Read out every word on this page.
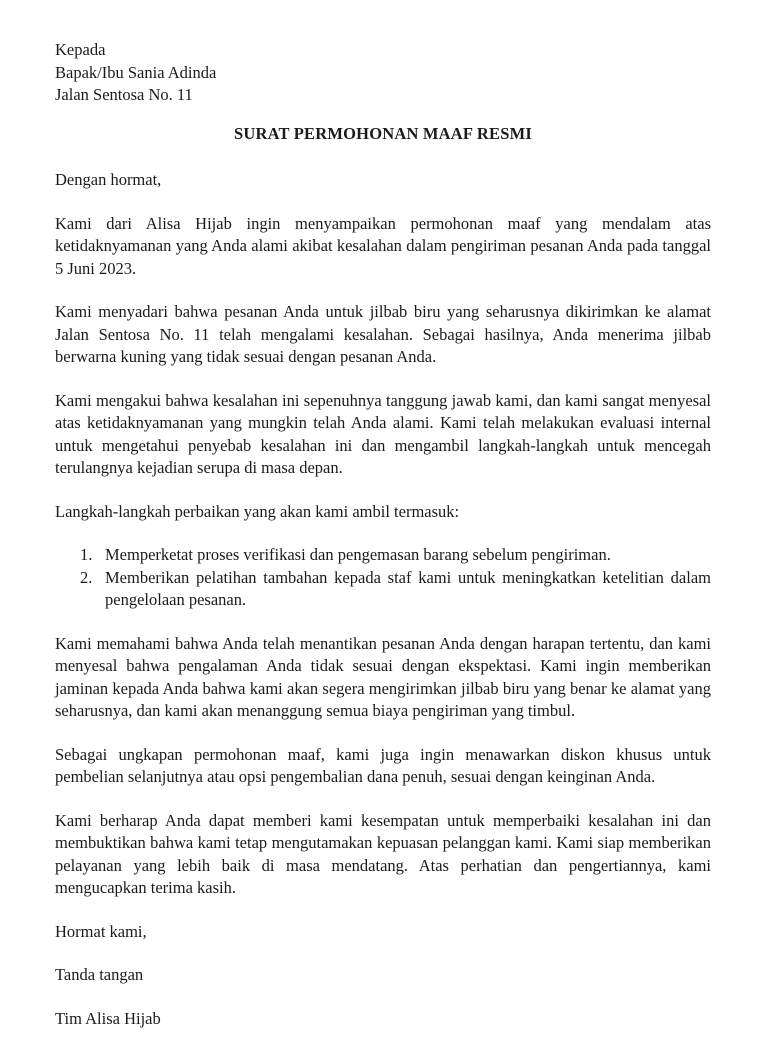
Kepada

Bapak/Ibu Sania Adinda

Jalan Sentosa No. 11

SURAT PERMOHONAN MAAF RESMI

Dengan hormat,

Kami dari Alisa Hijab ingin menyampaikan permohonan maaf yang mendalam atas ketidaknyamanan yang Anda alami akibat kesalahan dalam pengiriman pesanan Anda pada tanggal 5 Juni 2023.

Kami menyadari bahwa pesanan Anda untuk jilbab biru yang seharusnya dikirimkan ke alamat Jalan Sentosa No. 11 telah mengalami kesalahan. Sebagai hasilnya, Anda menerima jilbab berwarna kuning yang tidak sesuai dengan pesanan Anda.

Kami mengakui bahwa kesalahan ini sepenuhnya tanggung jawab kami, dan kami sangat menyesal atas ketidaknyamanan yang mungkin telah Anda alami. Kami telah melakukan evaluasi internal untuk mengetahui penyebab kesalahan ini dan mengambil langkah-langkah untuk mencegah terulangnya kejadian serupa di masa depan.

Langkah-langkah perbaikan yang akan kami ambil termasuk:

1. Memperketat proses verifikasi dan pengemasan barang sebelum pengiriman.
2. Memberikan pelatihan tambahan kepada staf kami untuk meningkatkan ketelitian dalam pengelolaan pesanan.

Kami memahami bahwa Anda telah menantikan pesanan Anda dengan harapan tertentu, dan kami menyesal bahwa pengalaman Anda tidak sesuai dengan ekspektasi. Kami ingin memberikan jaminan kepada Anda bahwa kami akan segera mengirimkan jilbab biru yang benar ke alamat yang seharusnya, dan kami akan menanggung semua biaya pengiriman yang timbul.

Sebagai ungkapan permohonan maaf, kami juga ingin menawarkan diskon khusus untuk pembelian selanjutnya atau opsi pengembalian dana penuh, sesuai dengan keinginan Anda.

Kami berharap Anda dapat memberi kami kesempatan untuk memperbaiki kesalahan ini dan membuktikan bahwa kami tetap mengutamakan kepuasan pelanggan kami. Kami siap memberikan pelayanan yang lebih baik di masa mendatang. Atas perhatian dan pengertiannya, kami mengucapkan terima kasih.

Hormat kami,

Tanda tangan

Tim Alisa Hijab
